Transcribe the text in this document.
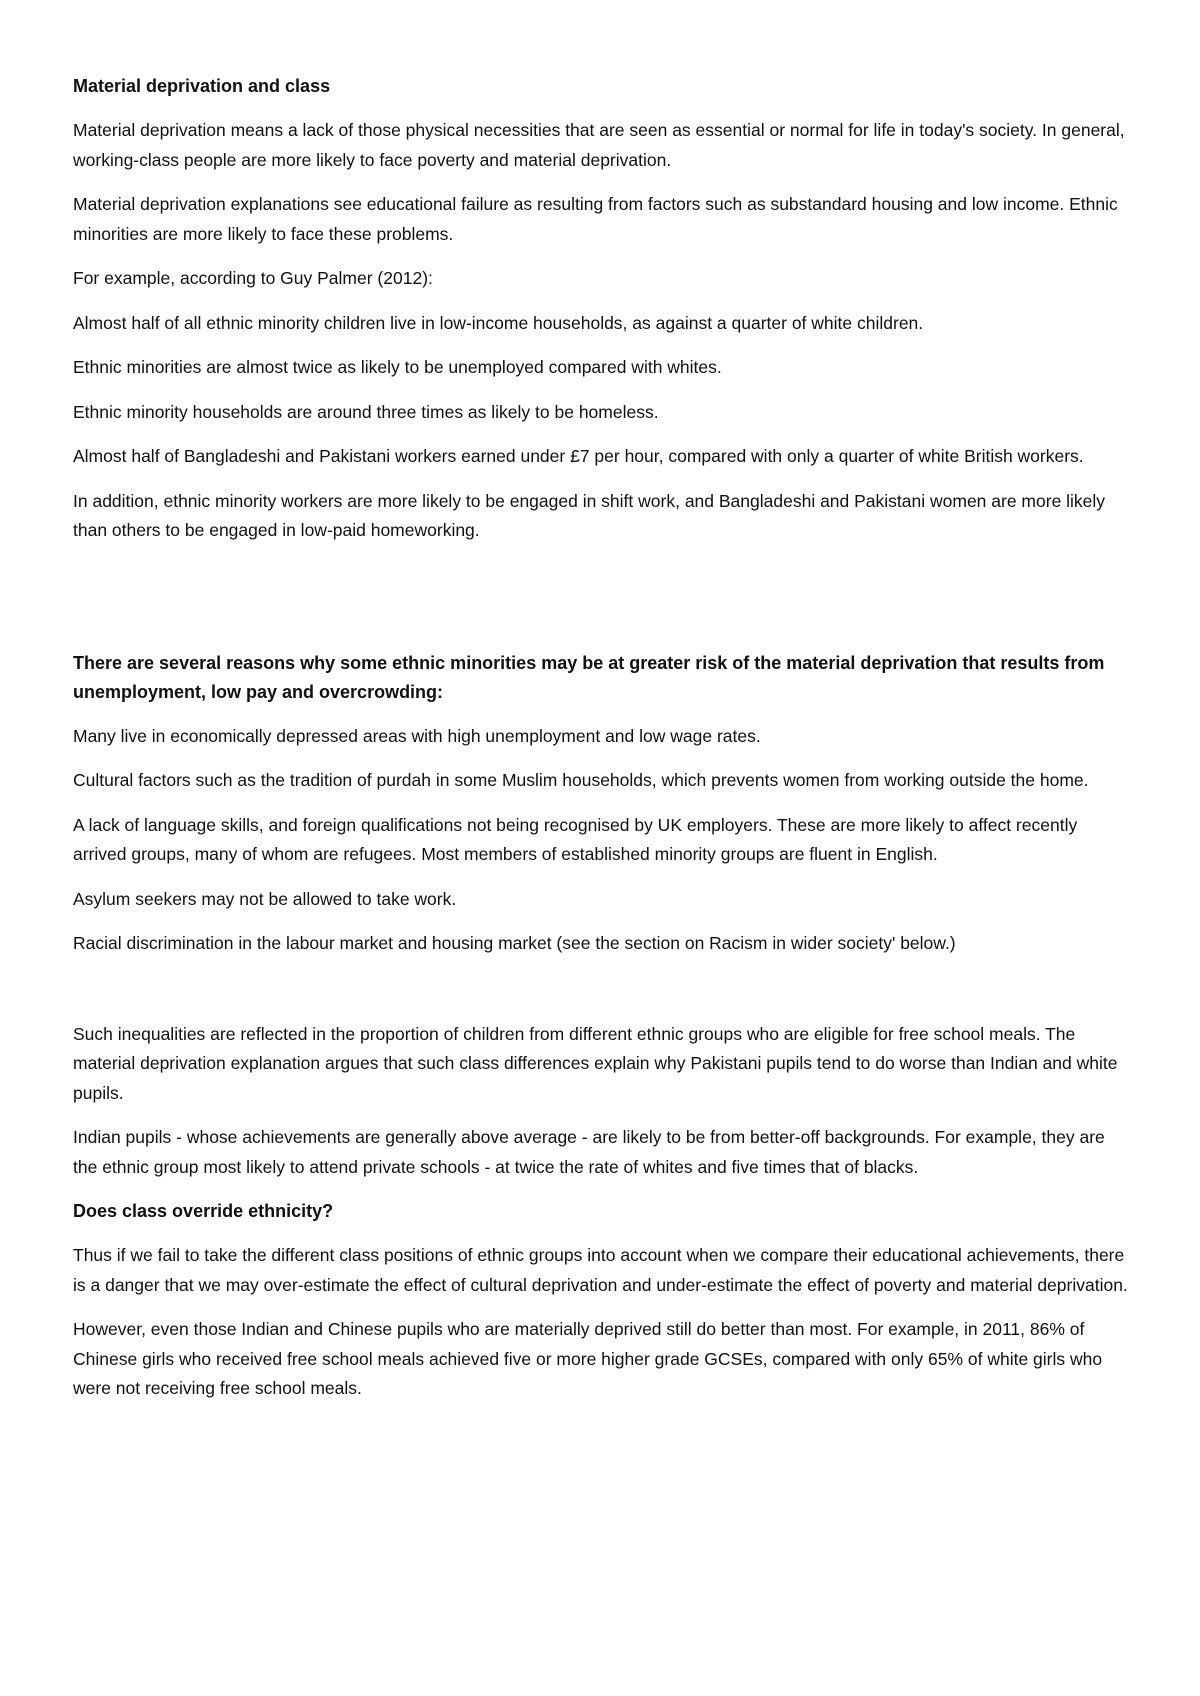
Material deprivation and class

Material deprivation means a lack of those physical necessities that are seen as essential or normal for life in today's society. In general, working-class people are more likely to face poverty and material deprivation.

Material deprivation explanations see educational failure as resulting from factors such as substandard housing and low income. Ethnic minorities are more likely to face these problems.

For example, according to Guy Palmer (2012):

Almost half of all ethnic minority children live in low-income households, as against a quarter of white children.

Ethnic minorities are almost twice as likely to be unemployed compared with whites.

Ethnic minority households are around three times as likely to be homeless.

Almost half of Bangladeshi and Pakistani workers earned under £7 per hour, compared with only a quarter of white British workers.

In addition, ethnic minority workers are more likely to be engaged in shift work, and Bangladeshi and Pakistani women are more likely than others to be engaged in low-paid homeworking.

There are several reasons why some ethnic minorities may be at greater risk of the material deprivation that results from unemployment, low pay and overcrowding:

Many live in economically depressed areas with high unemployment and low wage rates.

Cultural factors such as the tradition of purdah in some Muslim households, which prevents women from working outside the home.

A lack of language skills, and foreign qualifications not being recognised by UK employers. These are more likely to affect recently arrived groups, many of whom are refugees. Most members of established minority groups are fluent in English.

Asylum seekers may not be allowed to take work.

Racial discrimination in the labour market and housing market (see the section on Racism in wider society' below.)

Such inequalities are reflected in the proportion of children from different ethnic groups who are eligible for free school meals. The material deprivation explanation argues that such class differences explain why Pakistani pupils tend to do worse than Indian and white pupils.

Indian pupils - whose achievements are generally above average - are likely to be from better-off backgrounds. For example, they are the ethnic group most likely to attend private schools - at twice the rate of whites and five times that of blacks.

Does class override ethnicity?

Thus if we fail to take the different class positions of ethnic groups into account when we compare their educational achievements, there is a danger that we may over-estimate the effect of cultural deprivation and under-estimate the effect of poverty and material deprivation.

However, even those Indian and Chinese pupils who are materially deprived still do better than most. For example, in 2011, 86% of Chinese girls who received free school meals achieved five or more higher grade GCSEs, compared with only 65% of white girls who were not receiving free school meals.
